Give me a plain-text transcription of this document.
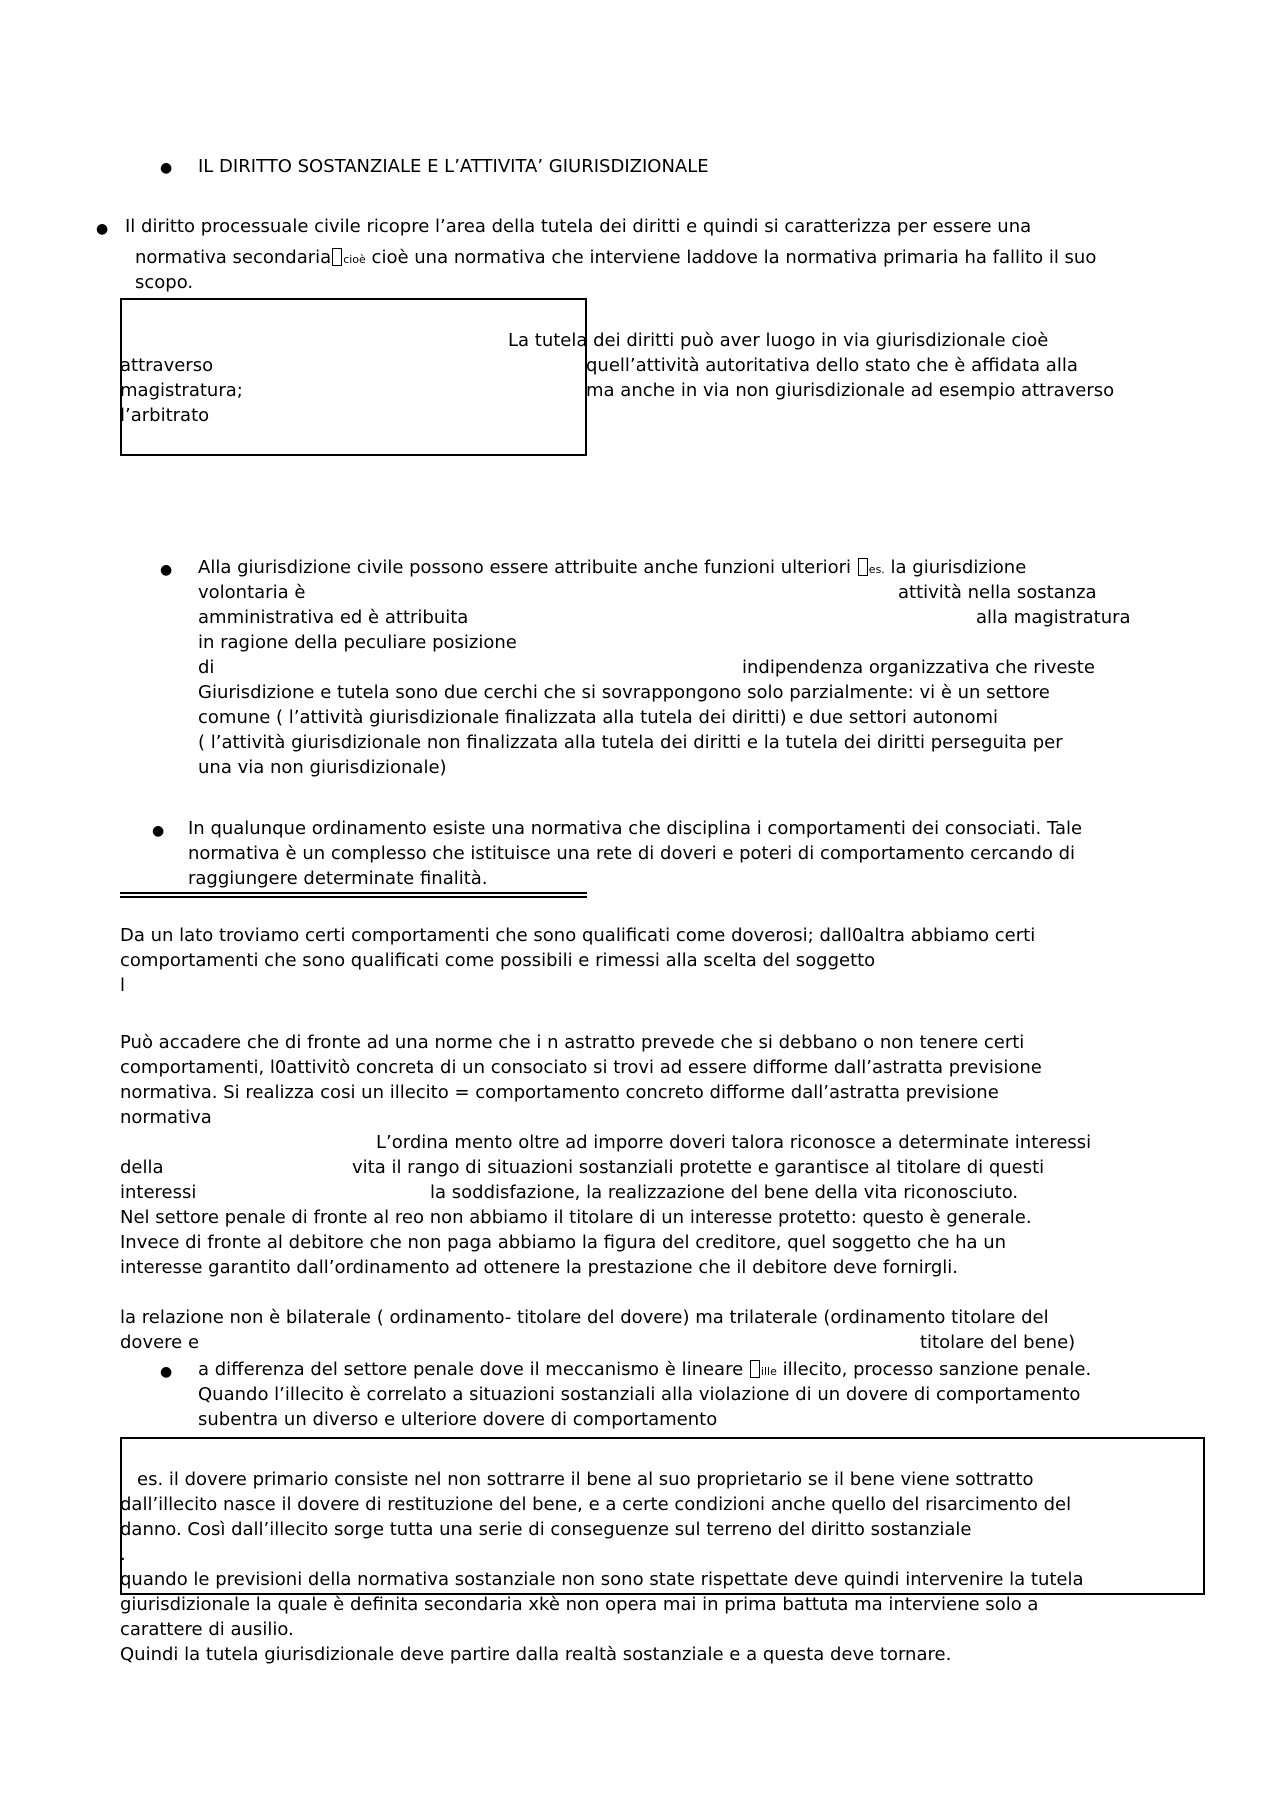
● IL DIRITTO SOSTANZIALE E L’ATTIVITA’ GIURISDIZIONALE
● Il diritto processuale civile ricopre l’area della tutela dei diritti e quindi si caratterizza per essere una
normativa secondaria cioè cioè una normativa che interviene laddove la normativa primaria ha fallito il suo
scopo.
La tutela dei diritti può aver luogo in via giurisdizionale cioè
attraverso	quell’attività autoritativa dello stato che è affidata alla
magistratura;	ma anche in via non giurisdizionale ad esempio attraverso
l’arbitrato
● Alla giurisdizione civile possono essere attribuite anche funzioni ulteriori es. la giurisdizione
volontaria è	attività nella sostanza
amministrativa ed è attribuita	alla magistratura
in ragione della peculiare posizione
di	indipendenza organizzativa che riveste
Giurisdizione e tutela sono due cerchi che si sovrappongono solo parzialmente: vi è un settore
comune ( l’attività giurisdizionale finalizzata alla tutela dei diritti) e due settori autonomi
( l’attività giurisdizionale non finalizzata alla tutela dei diritti e la tutela dei diritti perseguita per
una via non giurisdizionale)
● In qualunque ordinamento esiste una normativa che disciplina i comportamenti dei consociati. Tale
normativa è un complesso che istituisce una rete di doveri e poteri di comportamento cercando di
raggiungere determinate finalità.
Da un lato troviamo certi comportamenti che sono qualificati come doverosi; dall0altra abbiamo certi
comportamenti che sono qualificati come possibili e rimessi alla scelta del soggetto
l
Può accadere che di fronte ad una norme che i n astratto prevede che si debbano o non tenere certi
comportamenti, l0attivitò concreta di un consociato si trovi ad essere difforme dall’astratta previsione
normativa. Si realizza cosi un illecito = comportamento concreto difforme dall’astratta previsione
normativa
L’ordina mento oltre ad imporre doveri talora riconosce a determinate interessi
della	vita il rango di situazioni sostanziali protette e garantisce al titolare di questi
interessi	la soddisfazione, la realizzazione del bene della vita riconosciuto.
Nel settore penale di fronte al reo non abbiamo il titolare di un interesse protetto: questo è generale.
Invece di fronte al debitore che non paga abbiamo la figura del creditore, quel soggetto che ha un
interesse garantito dall’ordinamento ad ottenere la prestazione che il debitore deve fornirgli.
la relazione non è bilaterale ( ordinamento- titolare del dovere) ma trilaterale (ordinamento titolare del
dovere e	titolare del bene)
● a differenza del settore penale dove il meccanismo è lineare ille illecito, processo sanzione penale.
Quando l’illecito è correlato a situazioni sostanziali alla violazione di un dovere di comportamento
subentra un diverso e ulteriore dovere di comportamento
es. il dovere primario consiste nel non sottrarre il bene al suo proprietario se il bene viene sottratto
dall’illecito nasce il dovere di restituzione del bene, e a certe condizioni anche quello del risarcimento del
danno. Così dall’illecito sorge tutta una serie di conseguenze sul terreno del diritto sostanziale
.
quando le previsioni della normativa sostanziale non sono state rispettate deve quindi intervenire la tutela
giurisdizionale la quale è definita secondaria xkè non opera mai in prima battuta ma interviene solo a
carattere di ausilio.
Quindi la tutela giurisdizionale deve partire dalla realtà sostanziale e a questa deve tornare.
